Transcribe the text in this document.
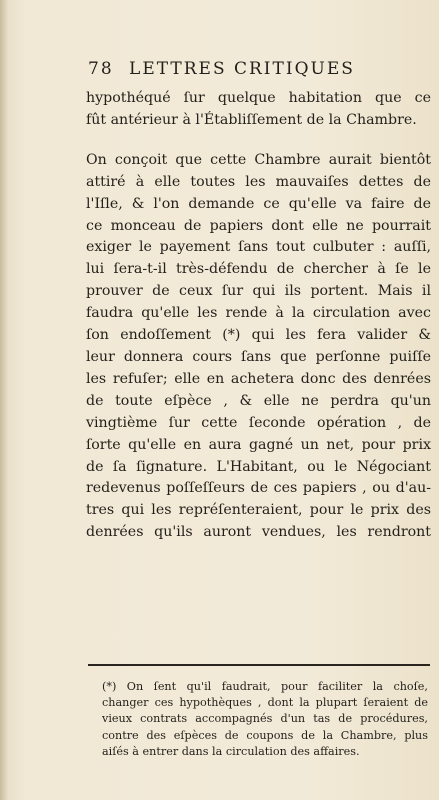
78 LETTRES CRITIQUES
hypothéqué ſur quelque habitation que ce
fût antérieur à l'Établiſſement de la Chambre.
On conçoit que cette Chambre aurait bientôt
attiré à elle toutes les mauvaiſes dettes de
l'Iſle, & l'on demande ce qu'elle va faire de
ce monceau de papiers dont elle ne pourrait
exiger le payement ſans tout culbuter : auſſi,
lui ſera-t-il très-défendu de chercher à ſe le
prouver de ceux ſur qui ils portent. Mais il
faudra qu'elle les rende à la circulation avec
ſon endoſſement (*) qui les fera valider &
leur donnera cours ſans que perſonne puiſſe
les refuſer; elle en achetera donc des denrées
de toute eſpèce , & elle ne perdra qu'un
vingtième ſur cette ſeconde opération , de
ſorte qu'elle en aura gagné un net, pour prix
de ſa ſignature. L'Habitant, ou le Négociant
redevenus poſſeſſeurs de ces papiers , ou d'au-
tres qui les repréſenteraient, pour le prix des
denrées qu'ils auront vendues, les rendront
(*) On ſent qu'il faudrait, pour faciliter la choſe,
changer ces hypothèques , dont la plupart ſeraient de
vieux contrats accompagnés d'un tas de procédures,
contre des eſpèces de coupons de la Chambre, plus
aiſés à entrer dans la circulation des affaires.
